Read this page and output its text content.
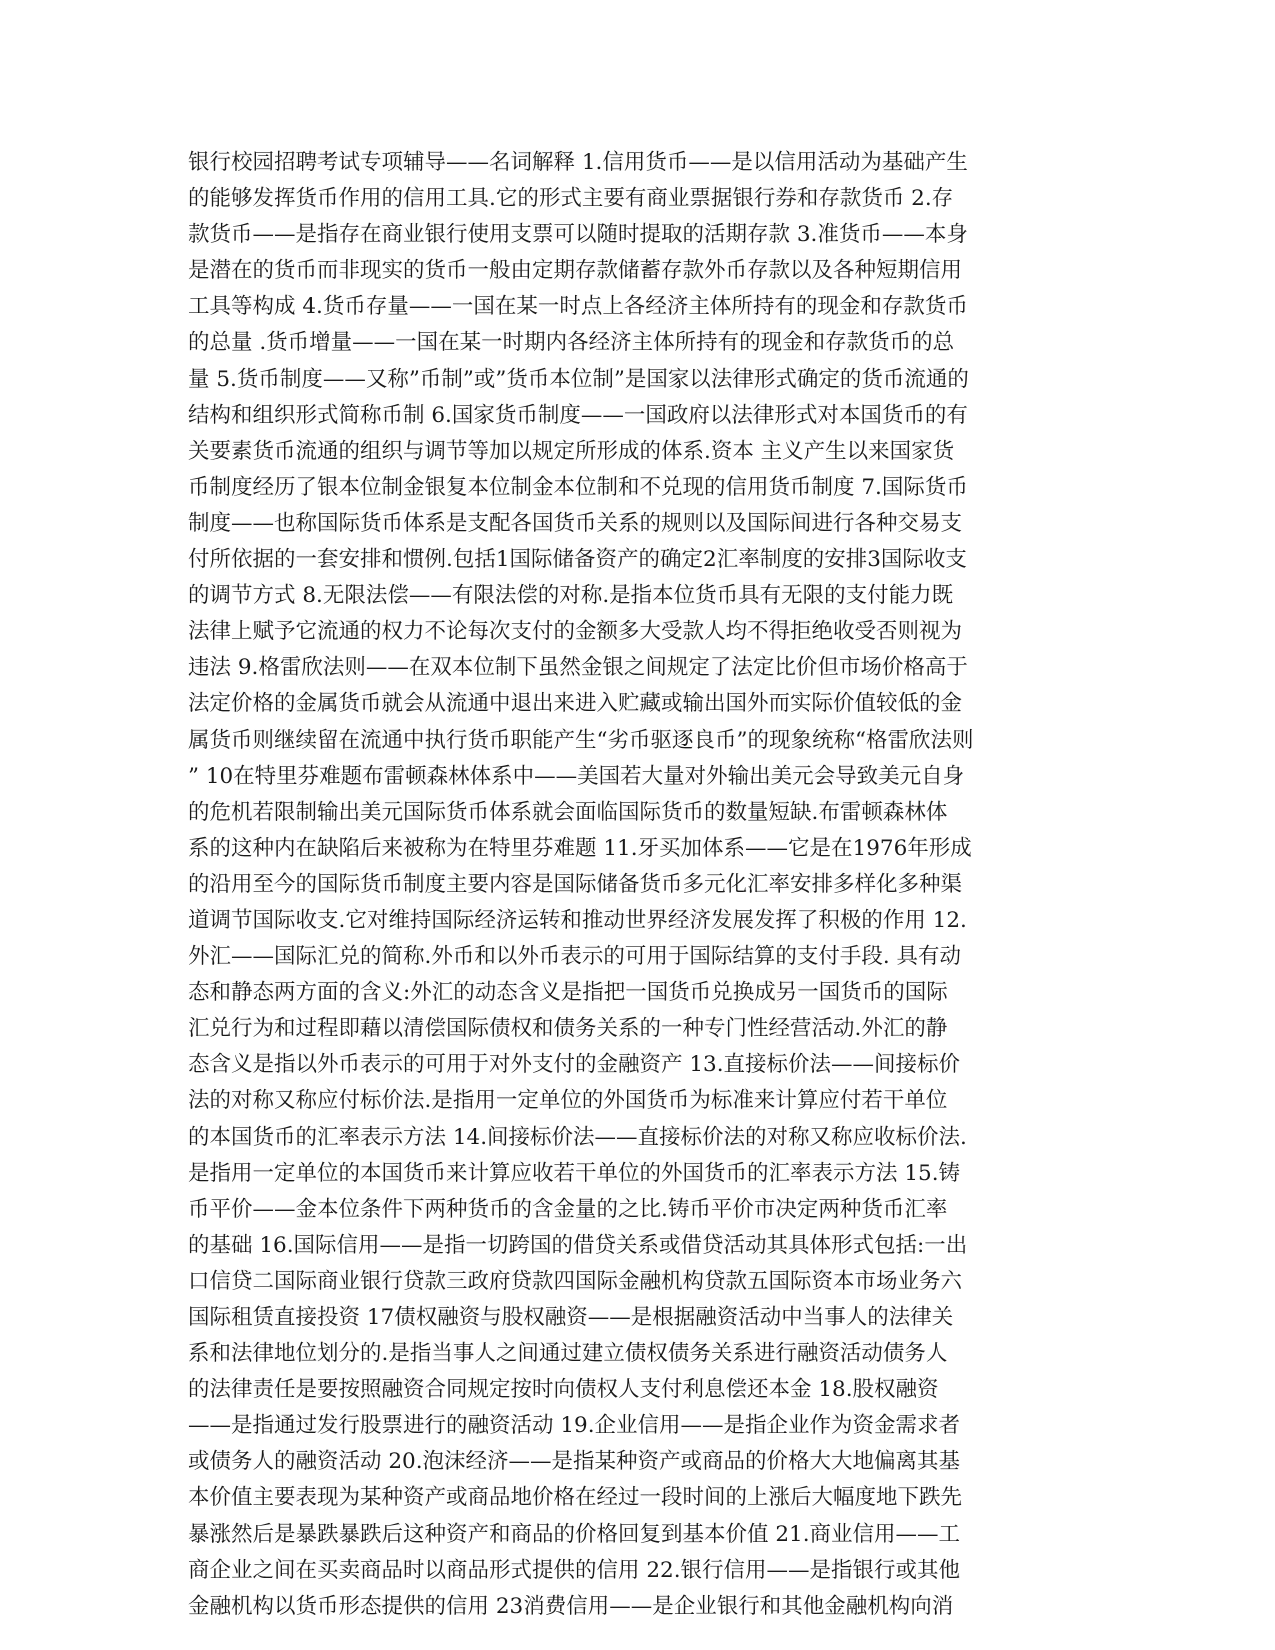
银行校园招聘考试专项辅导——名词解释 1.信用货币——是以信用活动为基础产生
的能够发挥货币作用的信用工具.它的形式主要有商业票据银行券和存款货币 2.存
款货币——是指存在商业银行使用支票可以随时提取的活期存款 3.准货币——本身
是潜在的货币而非现实的货币一般由定期存款储蓄存款外币存款以及各种短期信用
工具等构成 4.货币存量——一国在某一时点上各经济主体所持有的现金和存款货币
的总量 .货币增量——一国在某一时期内各经济主体所持有的现金和存款货币的总
量 5.货币制度——又称”币制”或”货币本位制”是国家以法律形式确定的货币流通的
结构和组织形式简称币制 6.国家货币制度——一国政府以法律形式对本国货币的有
关要素货币流通的组织与调节等加以规定所形成的体系.资本 主义产生以来国家货
币制度经历了银本位制金银复本位制金本位制和不兑现的信用货币制度 7.国际货币
制度——也称国际货币体系是支配各国货币关系的规则以及国际间进行各种交易支
付所依据的一套安排和惯例.包括1国际储备资产的确定2汇率制度的安排3国际收支
的调节方式 8.无限法偿——有限法偿的对称.是指本位货币具有无限的支付能力既
法律上赋予它流通的权力不论每次支付的金额多大受款人均不得拒绝收受否则视为
违法 9.格雷欣法则——在双本位制下虽然金银之间规定了法定比价但市场价格高于
法定价格的金属货币就会从流通中退出来进入贮藏或输出国外而实际价值较低的金
属货币则继续留在流通中执行货币职能产生“劣币驱逐良币”的现象统称“格雷欣法则
” 10在特里芬难题布雷顿森林体系中——美国若大量对外输出美元会导致美元自身
的危机若限制输出美元国际货币体系就会面临国际货币的数量短缺.布雷顿森林体
系的这种内在缺陷后来被称为在特里芬难题 11.牙买加体系——它是在1976年形成
的沿用至今的国际货币制度主要内容是国际储备货币多元化汇率安排多样化多种渠
道调节国际收支.它对维持国际经济运转和推动世界经济发展发挥了积极的作用 12.
外汇——国际汇兑的简称.外币和以外币表示的可用于国际结算的支付手段. 具有动
态和静态两方面的含义:外汇的动态含义是指把一国货币兑换成另一国货币的国际
汇兑行为和过程即藉以清偿国际债权和债务关系的一种专门性经营活动.外汇的静
态含义是指以外币表示的可用于对外支付的金融资产 13.直接标价法——间接标价
法的对称又称应付标价法.是指用一定单位的外国货币为标准来计算应付若干单位
的本国货币的汇率表示方法 14.间接标价法——直接标价法的对称又称应收标价法.
是指用一定单位的本国货币来计算应收若干单位的外国货币的汇率表示方法 15.铸
币平价——金本位条件下两种货币的含金量的之比.铸币平价市决定两种货币汇率
的基础 16.国际信用——是指一切跨国的借贷关系或借贷活动其具体形式包括:一出
口信贷二国际商业银行贷款三政府贷款四国际金融机构贷款五国际资本市场业务六
国际租赁直接投资 17债权融资与股权融资——是根据融资活动中当事人的法律关
系和法律地位划分的.是指当事人之间通过建立债权债务关系进行融资活动债务人
的法律责任是要按照融资合同规定按时向债权人支付利息偿还本金 18.股权融资
——是指通过发行股票进行的融资活动 19.企业信用——是指企业作为资金需求者
或债务人的融资活动 20.泡沫经济——是指某种资产或商品的价格大大地偏离其基
本价值主要表现为某种资产或商品地价格在经过一段时间的上涨后大幅度地下跌先
暴涨然后是暴跌暴跌后这种资产和商品的价格回复到基本价值 21.商业信用——工
商企业之间在买卖商品时以商品形式提供的信用 22.银行信用——是指银行或其他
金融机构以货币形态提供的信用 23消费信用——是企业银行和其他金融机构向消
